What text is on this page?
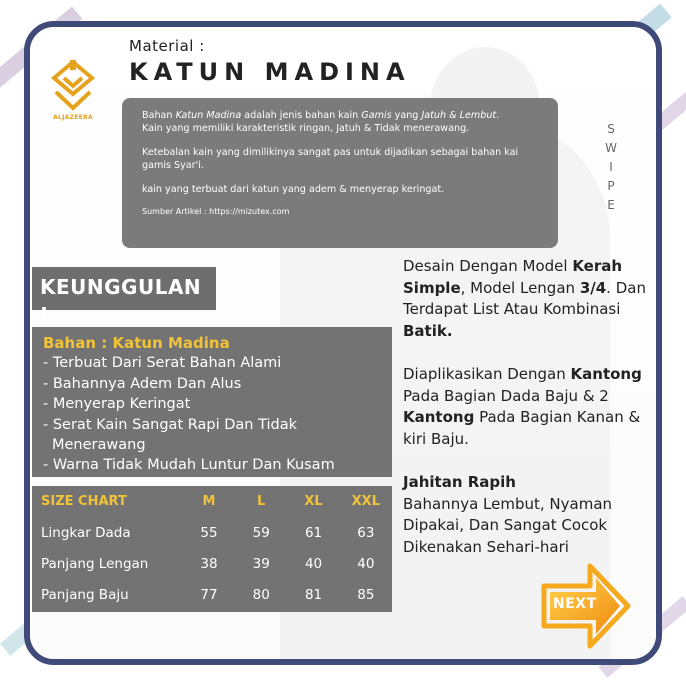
ALJAZEERA
Material :
KATUN MADINA
S
W
I
P
E

Bahan Katun Madina adalah jenis bahan kain Gamis yang Jatuh & Lembut.
Kain yang memiliki karakteristik ringan, Jatuh & Tidak menerawang.

Ketebalan kain yang dimilikinya sangat pas untuk dijadikan sebagai bahan kai gamis Syar'i.

kain yang terbuat dari katun yang adem & menyerap keringat.

Sumber Artikel : https://mizutex.com

KEUNGGULAN :
Bahan : Katun Madina
- Terbuat Dari Serat Bahan Alami
- Bahannya Adem Dan Alus
- Menyerap Keringat
- Serat Kain Sangat Rapi Dan Tidak
Menerawang
- Warna Tidak Mudah Luntur Dan Kusam
SIZE CHART	M	L	XL	XXL
Lingkar Dada	55	59	61	63
Panjang Lengan	38	39	40	40
Panjang Baju	77	80	81	85
Desain Dengan Model Kerah Simple, Model Lengan 3/4. Dan Terdapat List Atau Kombinasi Batik.
Diaplikasikan Dengan Kantong Pada Bagian Dada Baju & 2 Kantong Pada Bagian Kanan & kiri Baju.
Jahitan Rapih
Bahannya Lembut, Nyaman Dipakai, Dan Sangat Cocok Dikenakan Sehari-hari
NEXT
